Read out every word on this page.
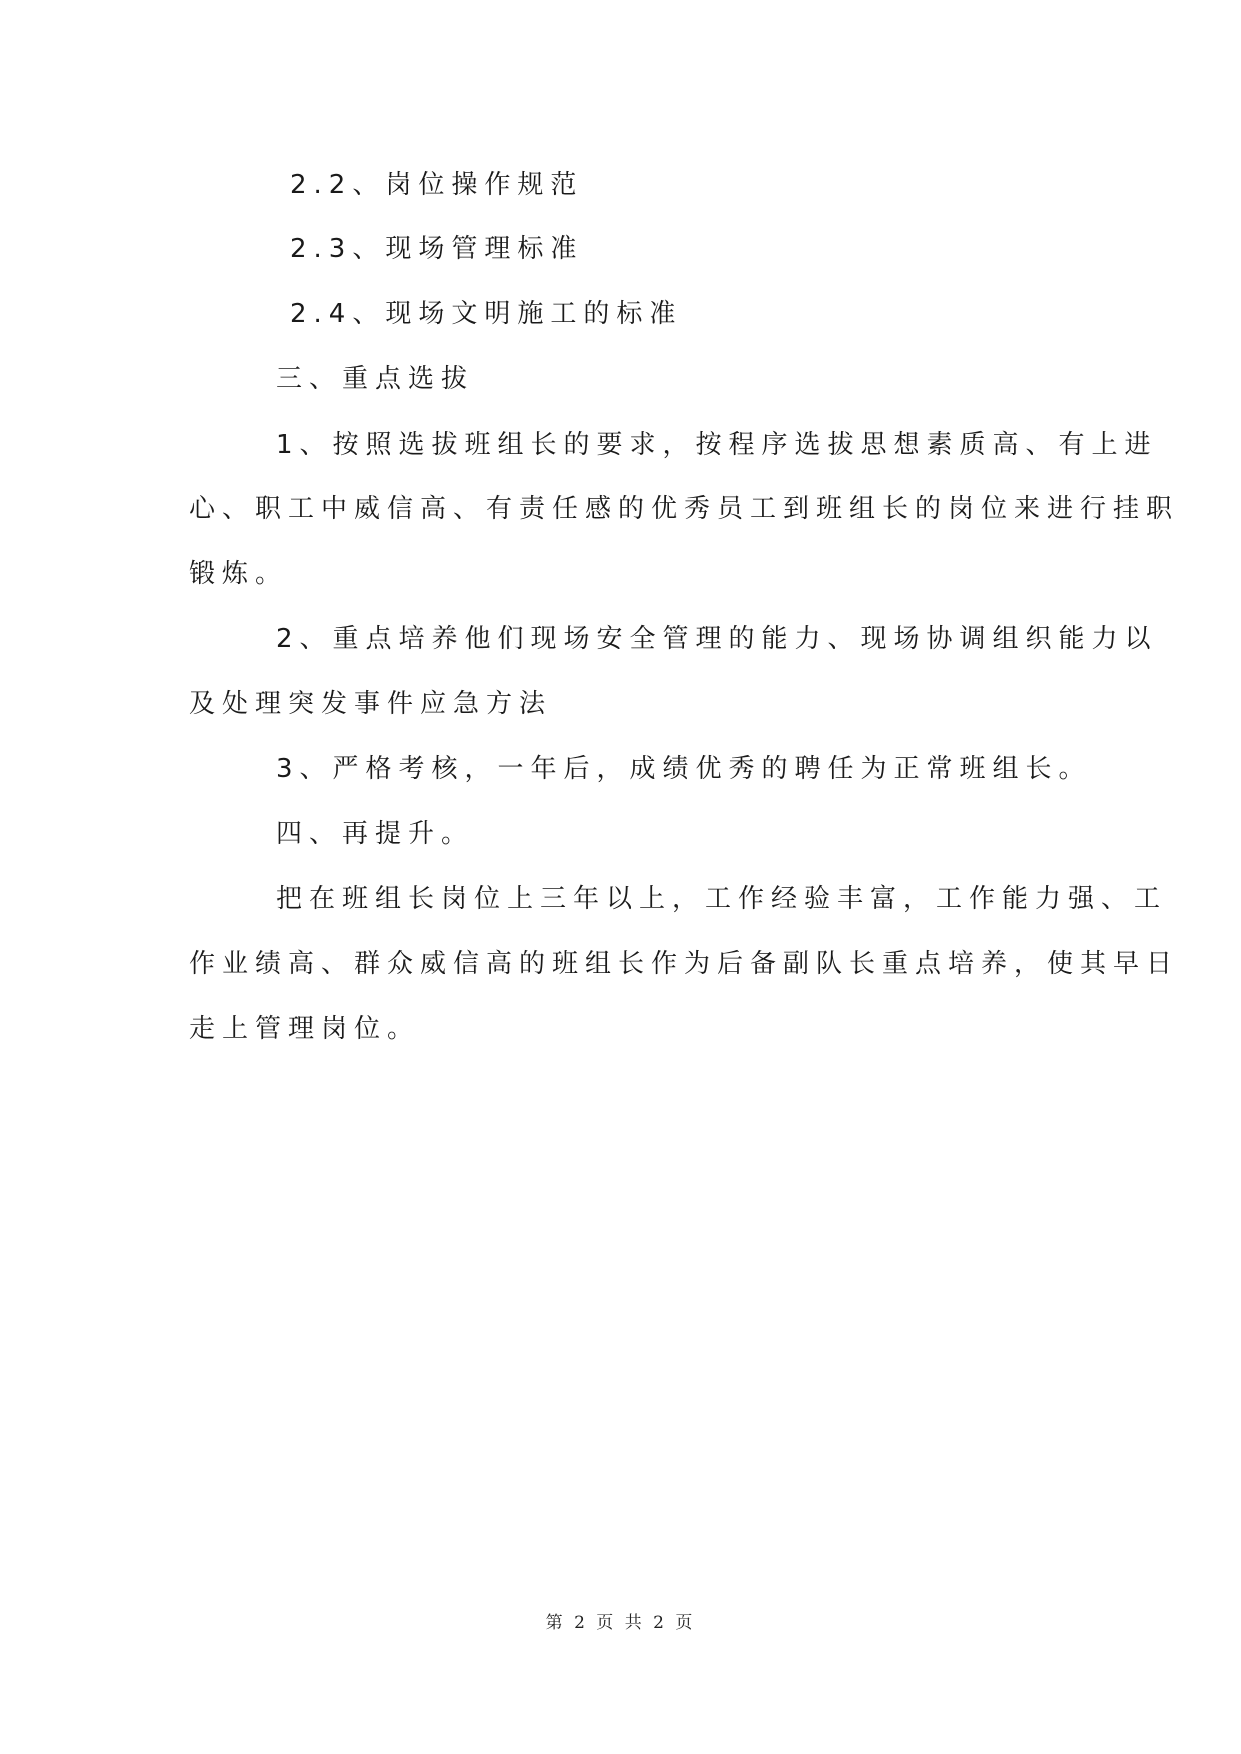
2.2、岗位操作规范
2.3、现场管理标准
2.4、现场文明施工的标准
三、重点选拔
1、按照选拔班组长的要求，按程序选拔思想素质高、有上进
心、职工中威信高、有责任感的优秀员工到班组长的岗位来进行挂职
锻炼。
2、重点培养他们现场安全管理的能力、现场协调组织能力以
及处理突发事件应急方法
3、严格考核，一年后，成绩优秀的聘任为正常班组长。
四、再提升。
把在班组长岗位上三年以上，工作经验丰富，工作能力强、工
作业绩高、群众威信高的班组长作为后备副队长重点培养，使其早日
走上管理岗位。
第 2 页 共 2 页
